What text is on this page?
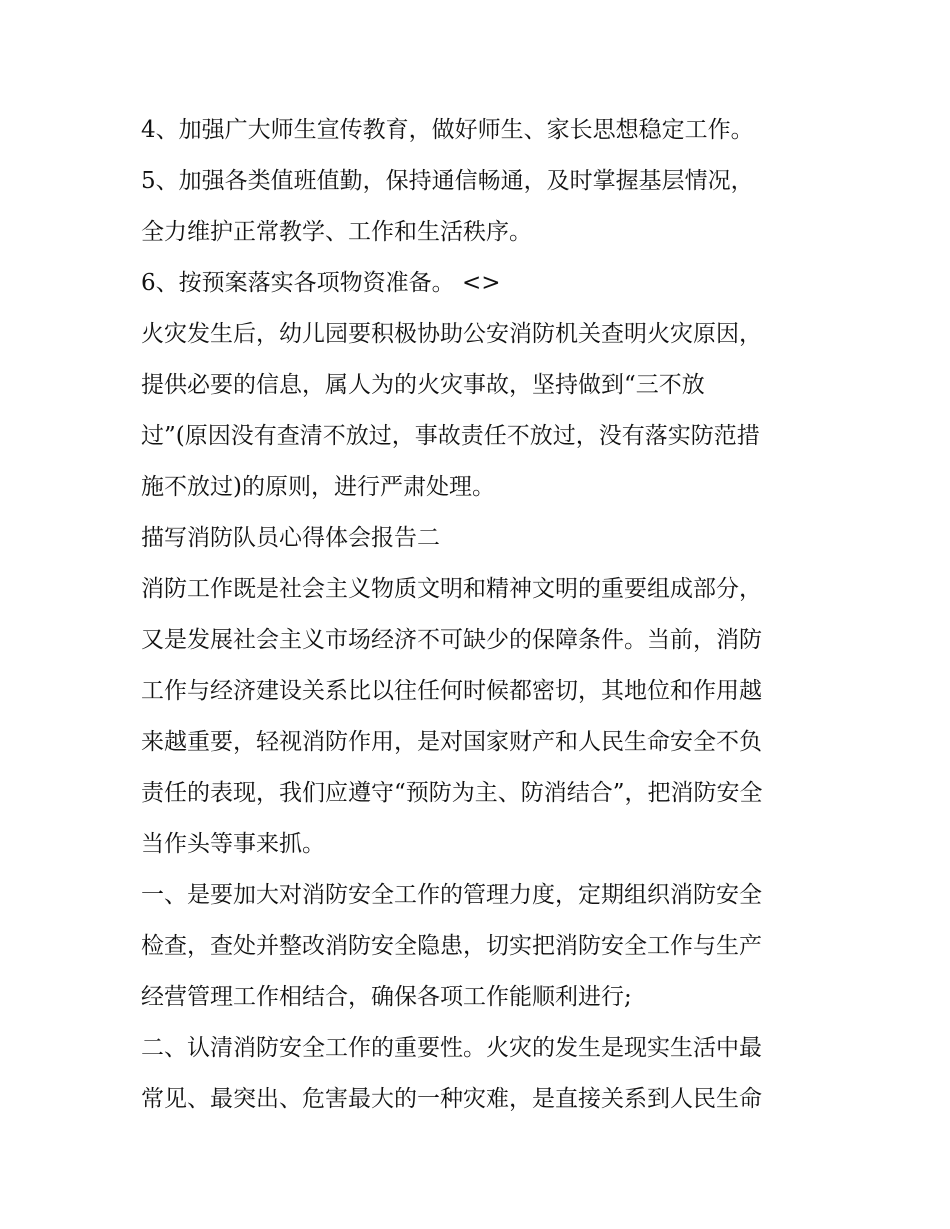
4、加强广大师生宣传教育，做好师生、家长思想稳定工作。
5、加强各类值班值勤，保持通信畅通，及时掌握基层情况，
全力维护正常教学、工作和生活秩序。
6、按预案落实各项物资准备。 <>
火灾发生后，幼儿园要积极协助公安消防机关查明火灾原因，
提供必要的信息，属人为的火灾事故，坚持做到“三不放
过”(原因没有查清不放过，事故责任不放过，没有落实防范措
施不放过)的原则，进行严肃处理。
描写消防队员心得体会报告二
消防工作既是社会主义物质文明和精神文明的重要组成部分，
又是发展社会主义市场经济不可缺少的保障条件。当前，消防
工作与经济建设关系比以往任何时候都密切，其地位和作用越
来越重要，轻视消防作用，是对国家财产和人民生命安全不负
责任的表现，我们应遵守“预防为主、防消结合”，把消防安全
当作头等事来抓。
一、是要加大对消防安全工作的管理力度，定期组织消防安全
检查，查处并整改消防安全隐患，切实把消防安全工作与生产
经营管理工作相结合，确保各项工作能顺利进行;
二、认清消防安全工作的重要性。火灾的发生是现实生活中最
常见、最突出、危害最大的一种灾难，是直接关系到人民生命
